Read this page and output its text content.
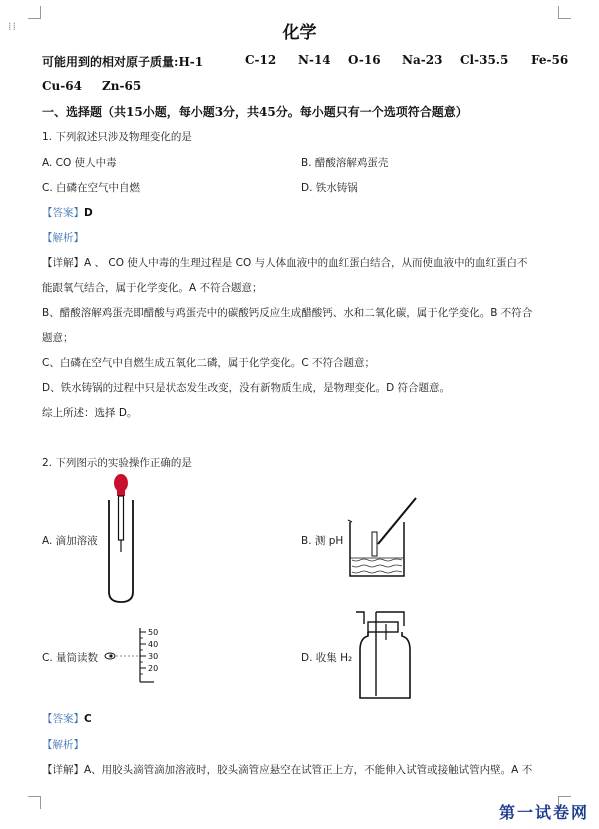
⁞⁞	化学
可能用到的相对原子质量:H-1	C-12 N-14 O-16 Na-23 Cl-35.5 Fe-56
Cu-64 Zn-65
一、选择题（共15小题，每小题3分，共45分。每小题只有一个选项符合题意）
1. 下列叙述只涉及物理变化的是
A. CO 使人中毒	B. 醋酸溶解鸡蛋壳
C. 白磷在空气中自燃	D. 铁水铸锅
【答案】D
【解析】
【详解】A 、 CO 使人中毒的生理过程是 CO 与人体血液中的血红蛋白结合，从而使血液中的血红蛋白不
能跟氧气结合，属于化学变化。A 不符合题意；
B、醋酸溶解鸡蛋壳即醋酸与鸡蛋壳中的碳酸钙反应生成醋酸钙、水和二氧化碳，属于化学变化。B 不符合
题意；
C、白磷在空气中自燃生成五氧化二磷，属于化学变化。C 不符合题意；
D、铁水铸锅的过程中只是状态发生改变，没有新物质生成，是物理变化。D 符合题意。
综上所述：选择 D。
2. 下列图示的实验操作正确的是
A. 滴加溶液	B. 测 pH
50
40
30
20
C. 量筒读数	D. 收集 H₂
【答案】C
【解析】
【详解】A、用胶头滴管滴加溶液时，胶头滴管应悬空在试管正上方，不能伸入试管或接触试管内壁。A 不
第一试卷网
